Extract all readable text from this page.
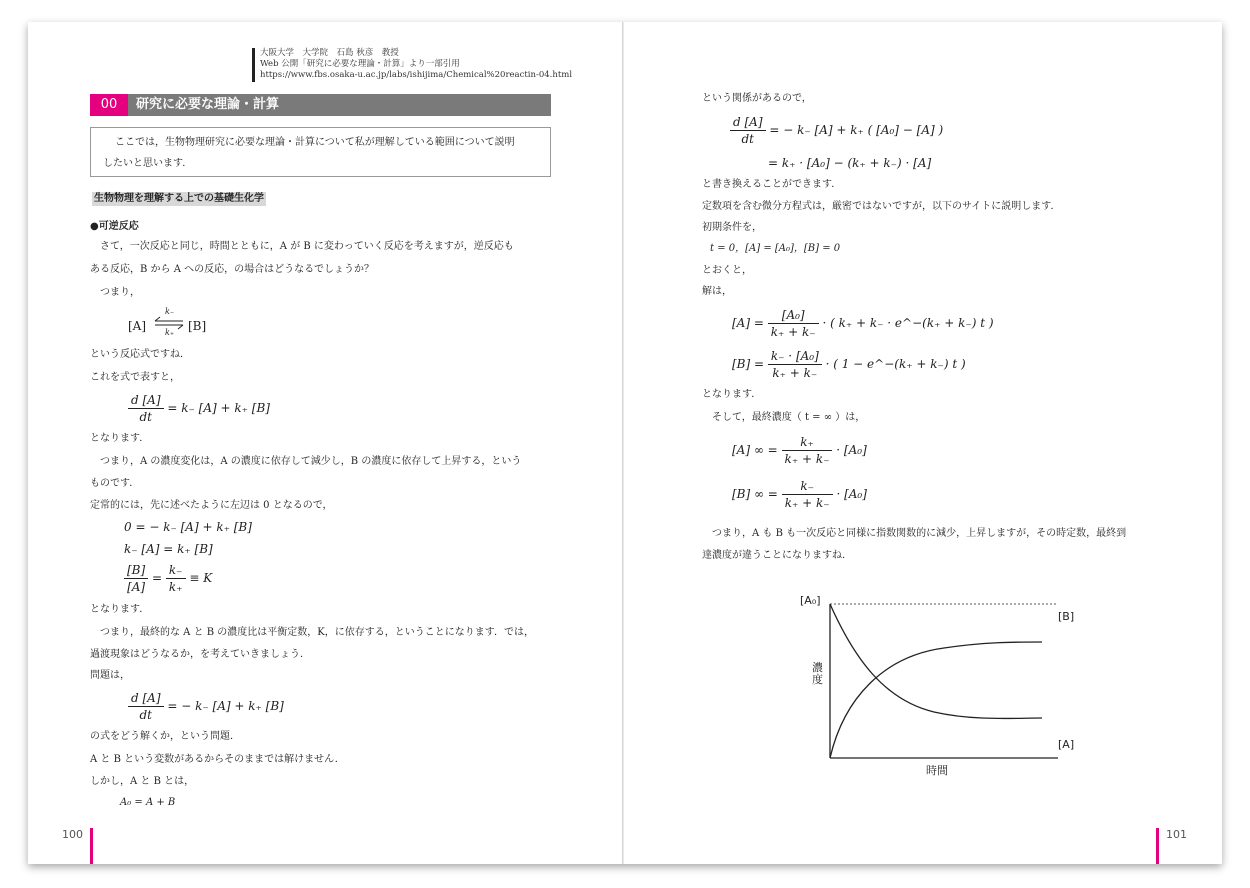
大阪大学　大学院　石島 秋彦　教授
Web 公開「研究に必要な理論・計算」より一部引用
https://www.fbs.osaka-u.ac.jp/labs/ishijima/Chemical%20reactin-04.html
00	研究に必要な理論・計算
ここでは，生物物理研究に必要な理論・計算について私が理解している範囲について説明
したいと思います．
生物物理を理解する上での基礎生化学
●可逆反応
さて，一次反応と同じ，時間とともに，A が B に変わっていく反応を考えますが，逆反応も
ある反応，B から A への反応，の場合はどうなるでしょうか？
つまり，
[A] ⇌
k₋
k₊ [B]
という反応式ですね．
これを式で表すと，
$\frac{d [A]}{dt} = k_-$ [A] + k₊ [B]
となります．
つまり，A の濃度変化は，A の濃度に依存して減少し，B の濃度に依存して上昇する，という
ものです．
定常的には，先に述べたように左辺は 0 となるので，
0 = − k₋ [A] + k₊ [B]
k₋ [A] = k₊ [B]
$\frac{[B]}{[A]} = \frac{k_-}{k_+} \equiv K$
となります．
つまり，最終的な A と B の濃度比は平衡定数，K，に依存する，ということになります．では，
過渡現象はどうなるか，を考えていきましょう．
問題は，
$\frac{d [A]}{dt}$ = − k₋ [A] + k₊ [B]
の式をどう解くか，という問題．
A と B という変数があるからそのままでは解けません．
しかし，A と B とは，
A₀ = A + B
100
という関係があるので，
$\frac{d [A]}{dt}$ = − k₋ [A] + k₊ ( [A₀] − [A] )
= k₊ · [A₀] − (k₊ + k₋) · [A]
と書き換えることができます．
定数項を含む微分方程式は，厳密ではないですが，以下のサイトに説明します．
初期条件を，
t = 0，[A] = [A₀]，[B] = 0
とおくと，
解は，
$[A] = \frac{\text{[A₀]}}{k_+ + k_-}$ · ( k₊ + k₋ · e^−(k₊ + k₋) t )
$[B] = \frac{\text{k₋ · [A₀]}}{k_+ + k_-}$ · ( 1 − e^−(k₊ + k₋) t )
となります．
そして，最終濃度（ t = ∞ ）は，
[A] ∞ = $\frac{k_+}{k_+ + k_-} \cdot [A_0]$
[B] ∞ = $\frac{k_-}{k_+ + k_-} \cdot [A_0]$
つまり，A も B も一次反応と同様に指数関数的に減少，上昇しますが，その時定数，最終到
達濃度が違うことになりますね．
[A₀]
[B]
[A]
濃度
時間
101
